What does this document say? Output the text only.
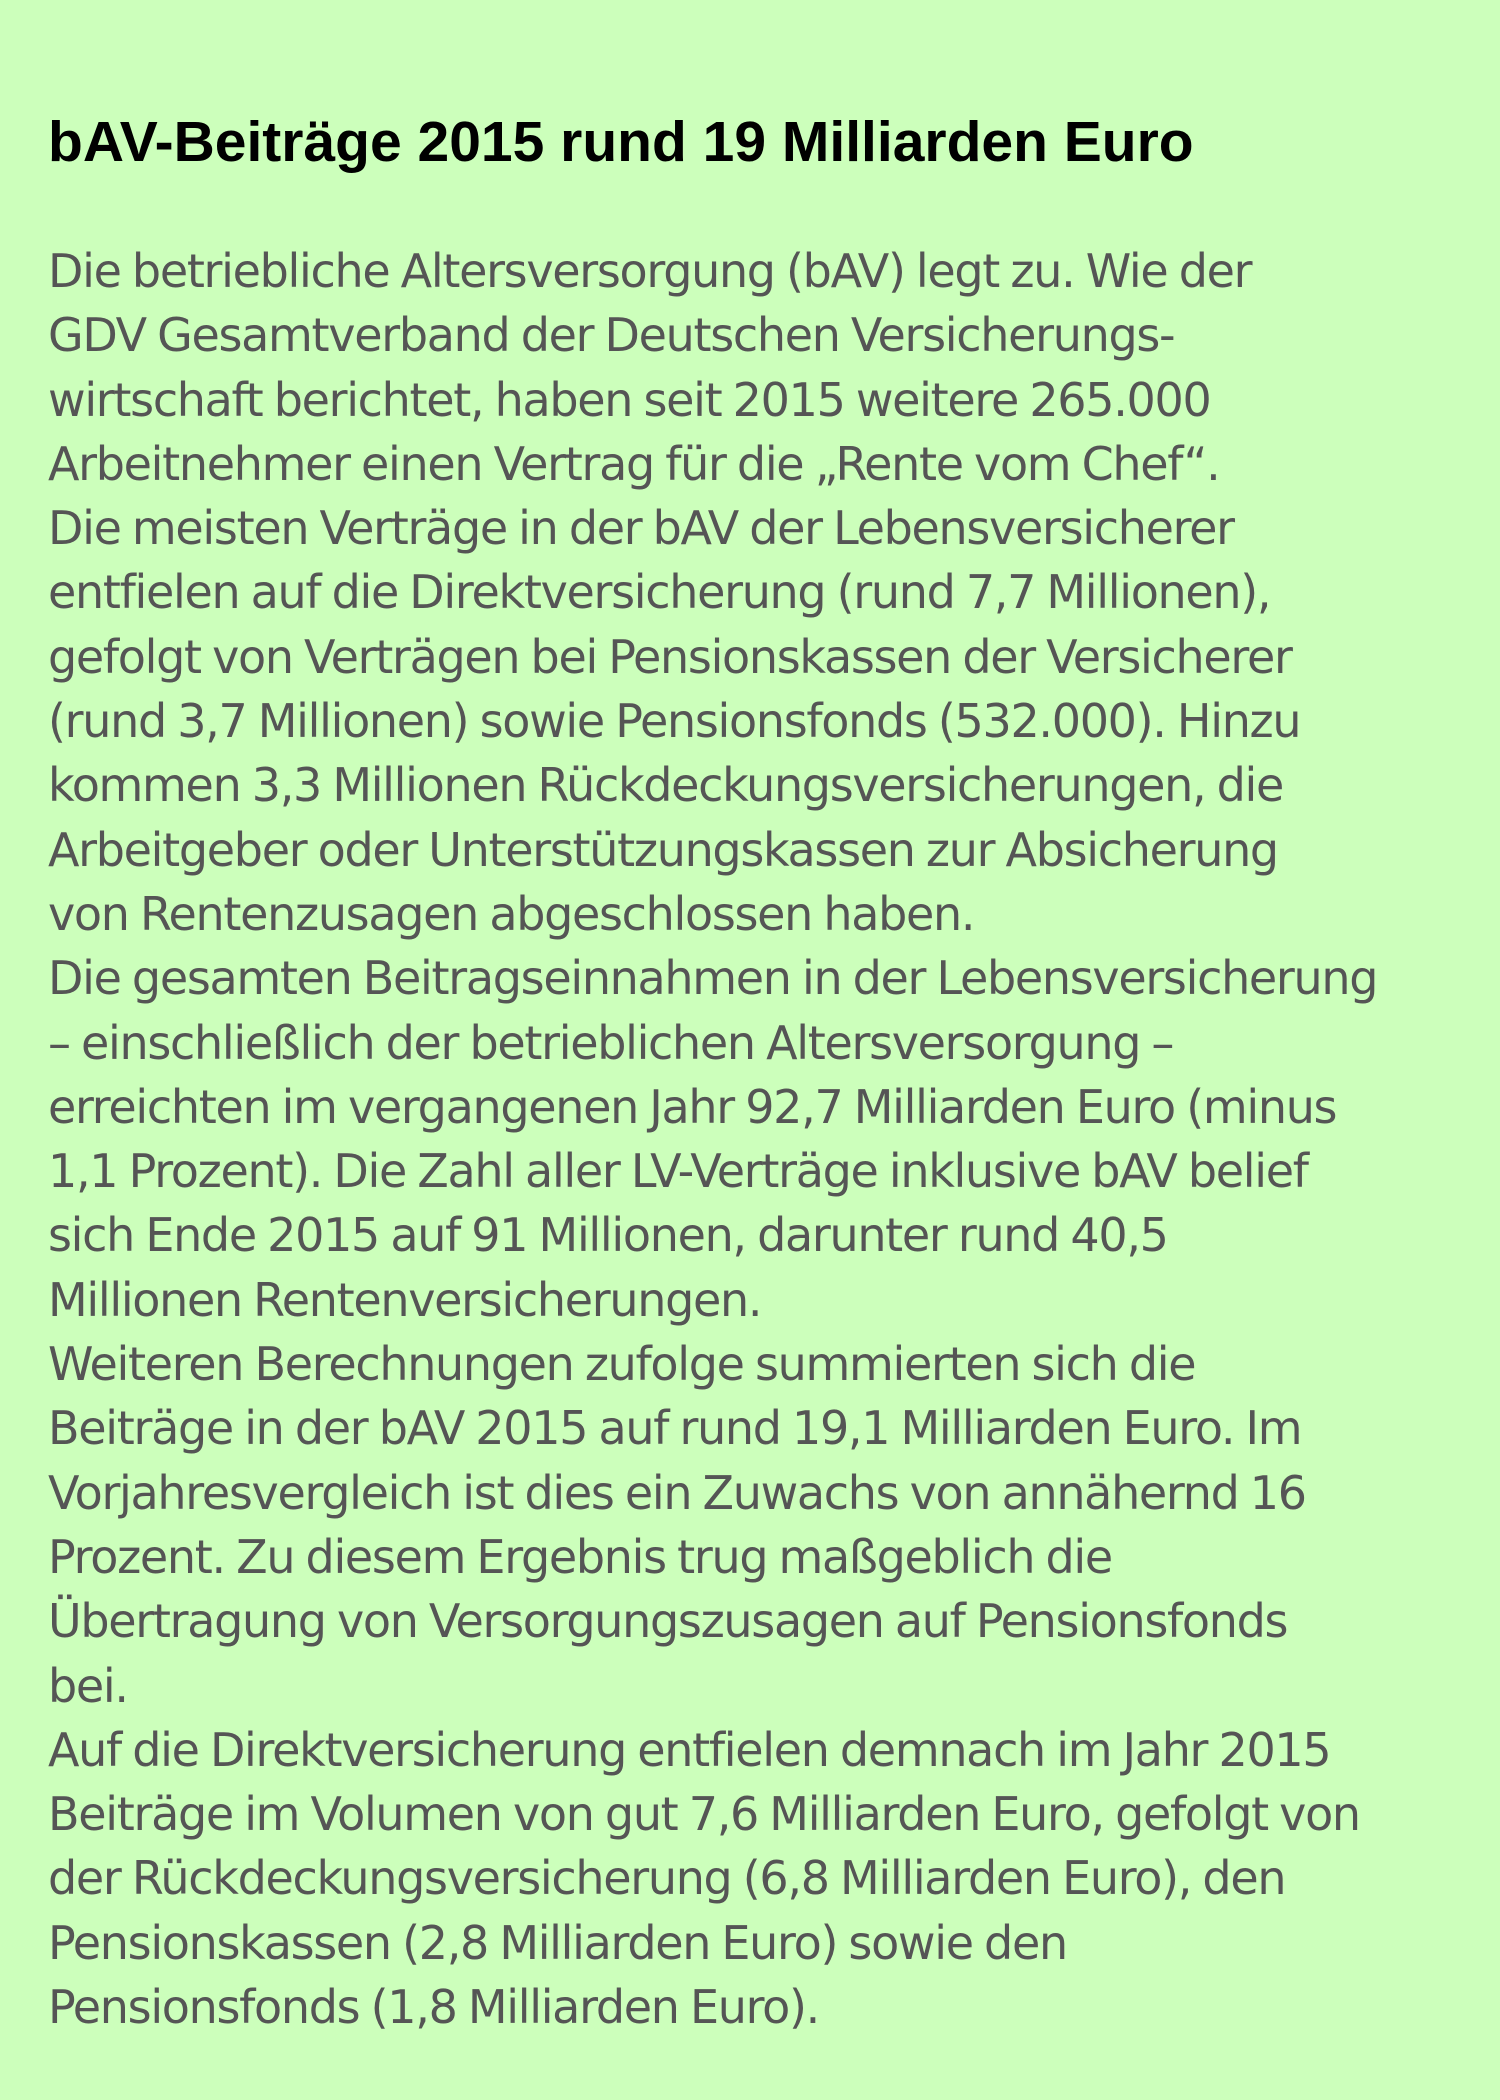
bAV-Beiträge 2015 rund 19 Milliarden Euro
Die betriebliche Altersversorgung (bAV) legt zu. Wie der
GDV Gesamtverband der Deutschen Versicherungs-
wirtschaft berichtet, haben seit 2015 weitere 265.000
Arbeitnehmer einen Vertrag für die „Rente vom Chef“.
Die meisten Verträge in der bAV der Lebensversicherer
entfielen auf die Direktversicherung (rund 7,7 Millionen),
gefolgt von Verträgen bei Pensionskassen der Versicherer
(rund 3,7 Millionen) sowie Pensionsfonds (532.000). Hinzu
kommen 3,3 Millionen Rückdeckungsversicherungen, die
Arbeitgeber oder Unterstützungskassen zur Absicherung
von Rentenzusagen abgeschlossen haben.
Die gesamten Beitragseinnahmen in der Lebensversicherung
– einschließlich der betrieblichen Altersversorgung –
erreichten im vergangenen Jahr 92,7 Milliarden Euro (minus
1,1 Prozent). Die Zahl aller LV-Verträge inklusive bAV belief
sich Ende 2015 auf 91 Millionen, darunter rund 40,5
Millionen Rentenversicherungen.
Weiteren Berechnungen zufolge summierten sich die
Beiträge in der bAV 2015 auf rund 19,1 Milliarden Euro. Im
Vorjahresvergleich ist dies ein Zuwachs von annähernd 16
Prozent. Zu diesem Ergebnis trug maßgeblich die
Übertragung von Versorgungszusagen auf Pensionsfonds
bei.
Auf die Direktversicherung entfielen demnach im Jahr 2015
Beiträge im Volumen von gut 7,6 Milliarden Euro, gefolgt von
der Rückdeckungsversicherung (6,8 Milliarden Euro), den
Pensionskassen (2,8 Milliarden Euro) sowie den
Pensionsfonds (1,8 Milliarden Euro).
